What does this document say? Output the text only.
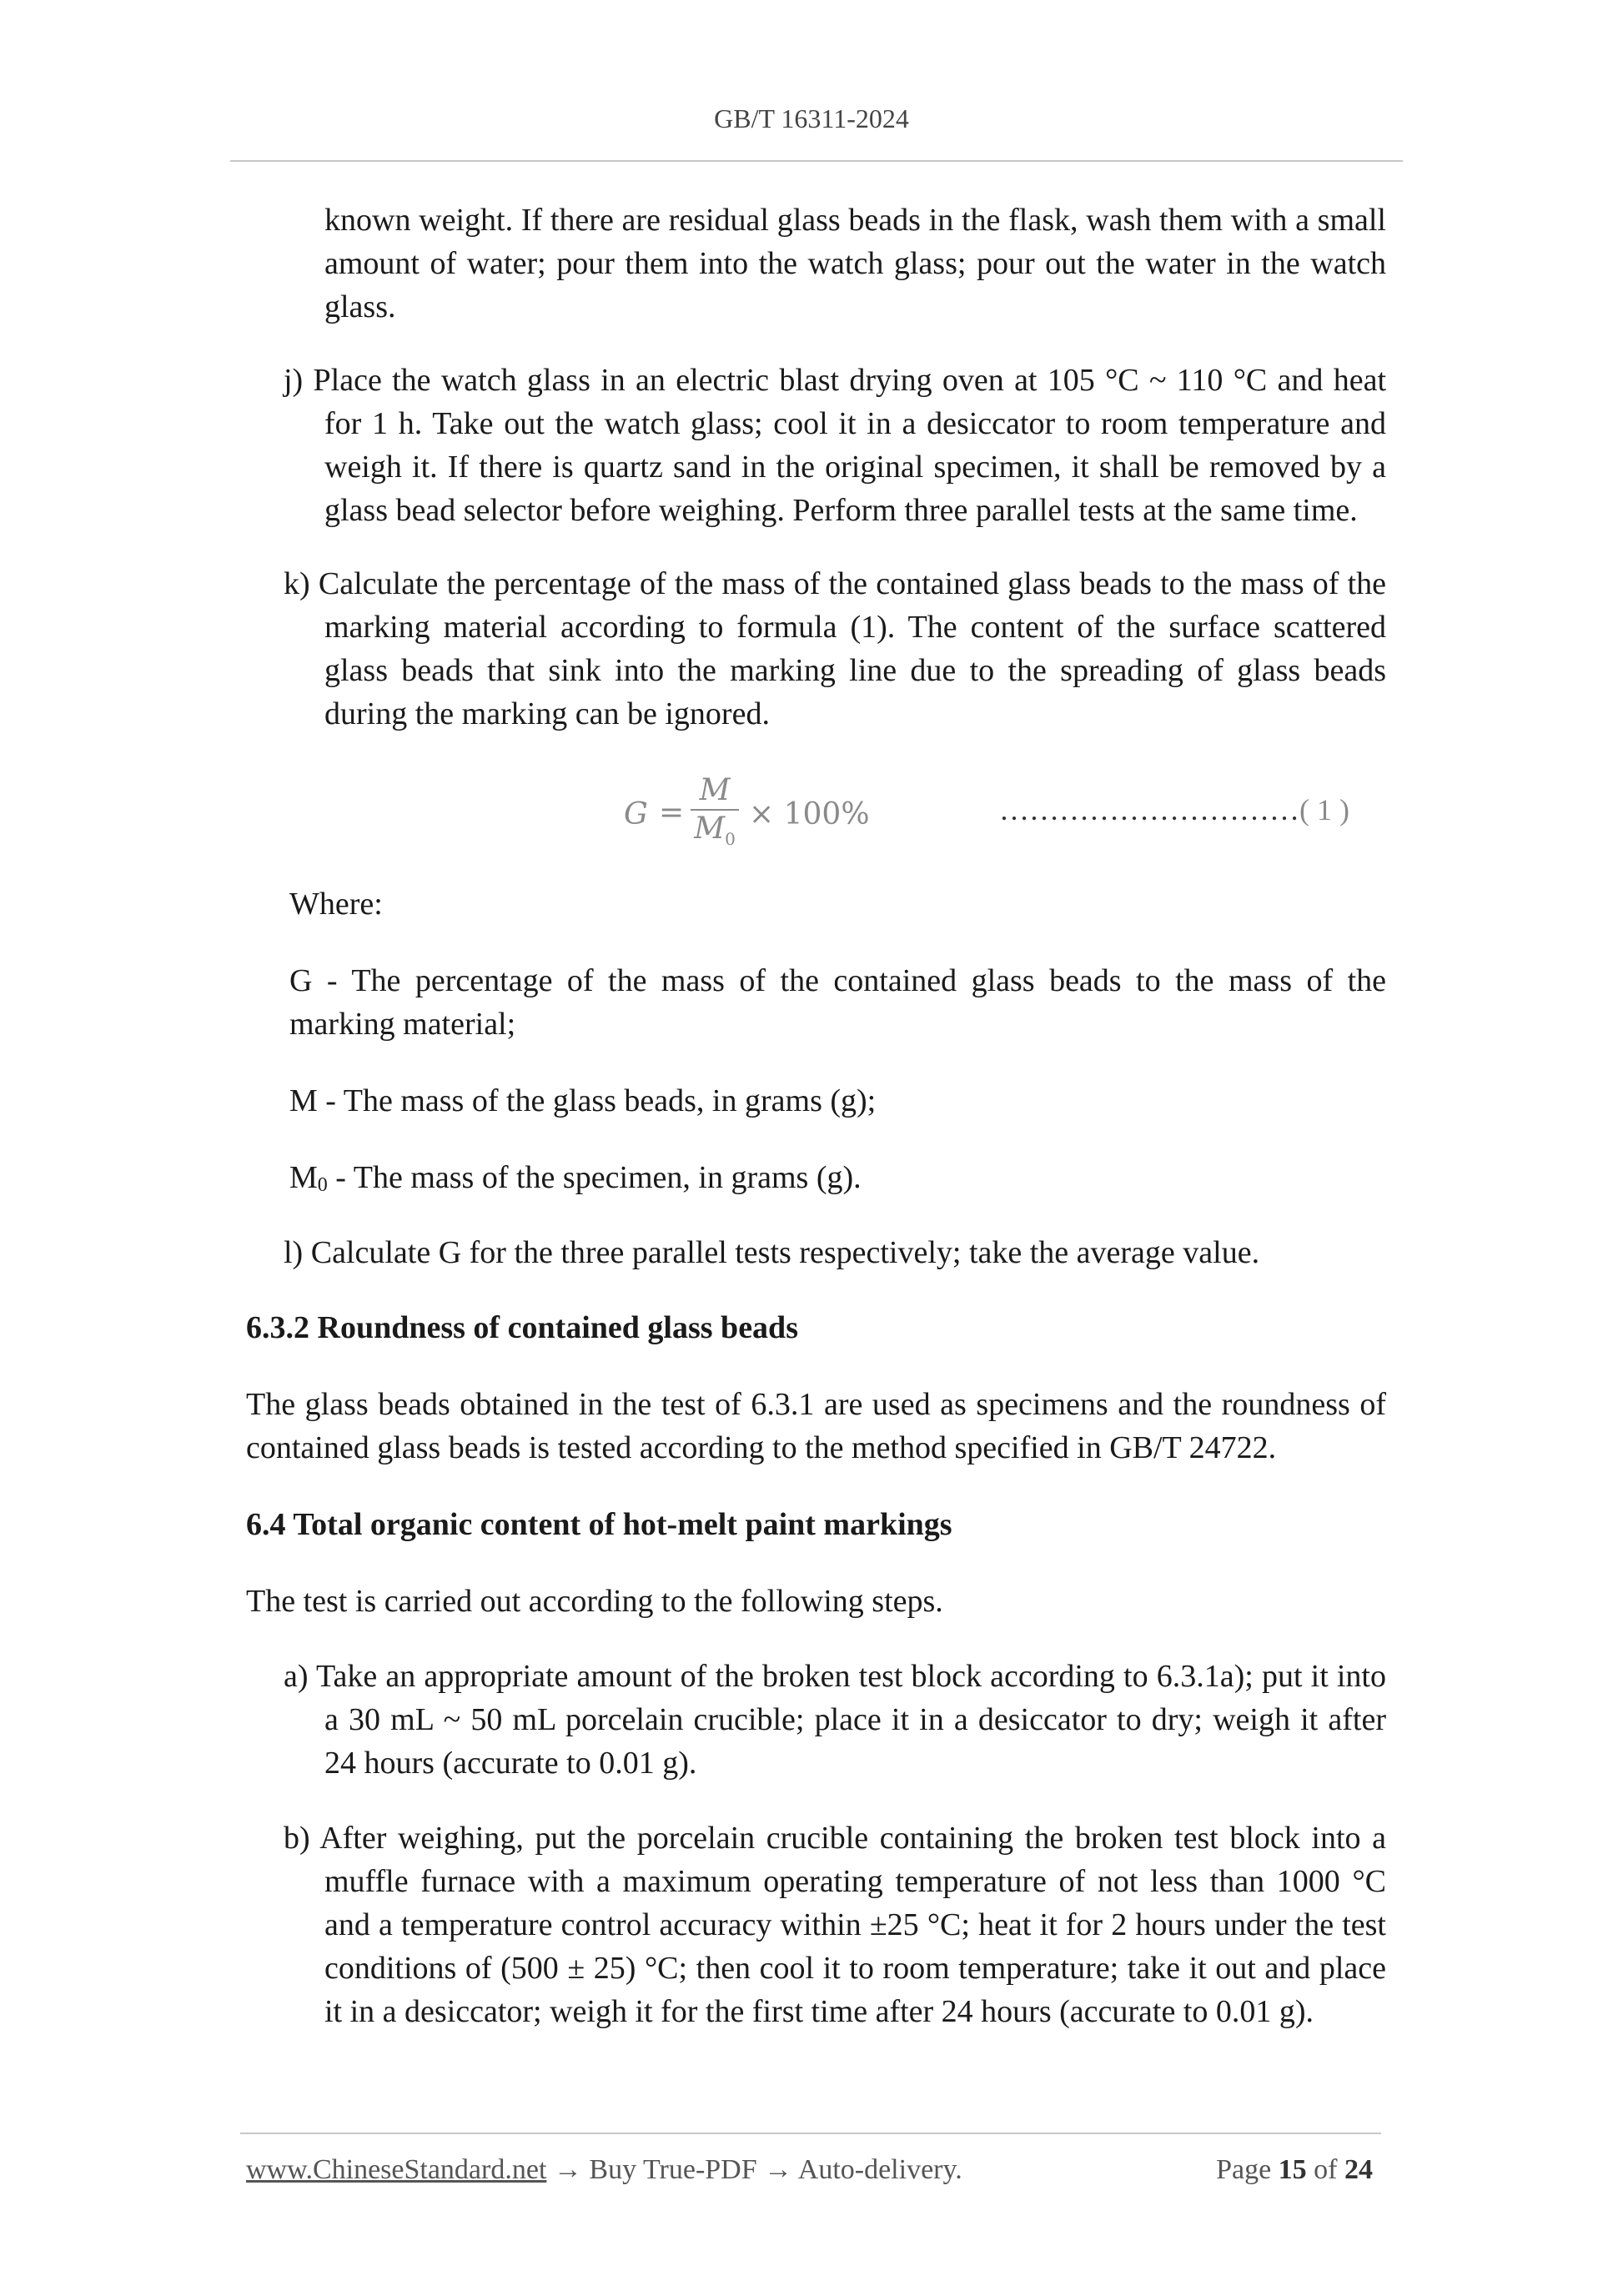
GB/T 16311-2024
known weight. If there are residual glass beads in the flask, wash them with a small amount of water; pour them into the watch glass; pour out the water in the watch glass.
j) Place the watch glass in an electric blast drying oven at 105 °C ~ 110 °C and heat for 1 h. Take out the watch glass; cool it in a desiccator to room temperature and weigh it. If there is quartz sand in the original specimen, it shall be removed by a glass bead selector before weighing. Perform three parallel tests at the same time.
k) Calculate the percentage of the mass of the contained glass beads to the mass of the marking material according to formula (1). The content of the surface scattered glass beads that sink into the marking line due to the spreading of glass beads during the marking can be ignored.
G =
M
$M_0$
× 100%	…………………………( 1 )
Where:
G - The percentage of the mass of the contained glass beads to the mass of the marking material;
M - The mass of the glass beads, in grams (g);
$M_0$ - The mass of the specimen, in grams (g).
l) Calculate G for the three parallel tests respectively; take the average value.
6.3.2 Roundness of contained glass beads
The glass beads obtained in the test of 6.3.1 are used as specimens and the roundness of contained glass beads is tested according to the method specified in GB/T 24722.
6.4 Total organic content of hot-melt paint markings
The test is carried out according to the following steps.
a) Take an appropriate amount of the broken test block according to 6.3.1a); put it into a 30 mL ~ 50 mL porcelain crucible; place it in a desiccator to dry; weigh it after 24 hours (accurate to 0.01 g).
b) After weighing, put the porcelain crucible containing the broken test block into a muffle furnace with a maximum operating temperature of not less than 1000 °C and a temperature control accuracy within ±25 °C; heat it for 2 hours under the test conditions of (500 ± 25) °C; then cool it to room temperature; take it out and place it in a desiccator; weigh it for the first time after 24 hours (accurate to 0.01 g).
www.ChineseStandard.net → Buy True-PDF → Auto-delivery.	Page 15 of 24
